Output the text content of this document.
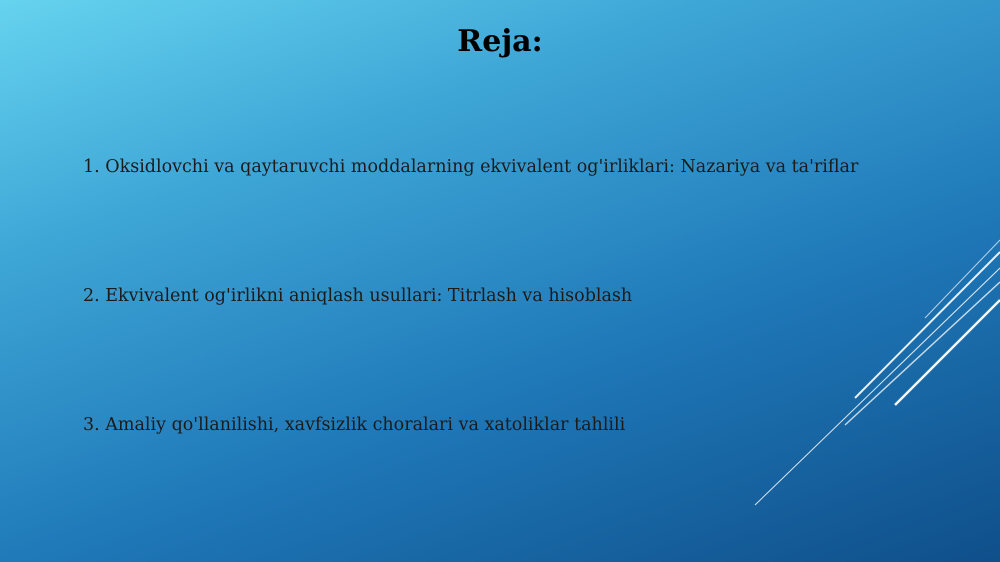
Reja:
1. Oksidlovchi va qaytaruvchi moddalarning ekvivalent og'irliklari: Nazariya va ta'riflar
2. Ekvivalent og'irlikni aniqlash usullari: Titrlash va hisoblash
3. Amaliy qo'llanilishi, xavfsizlik choralari va xatoliklar tahlili
